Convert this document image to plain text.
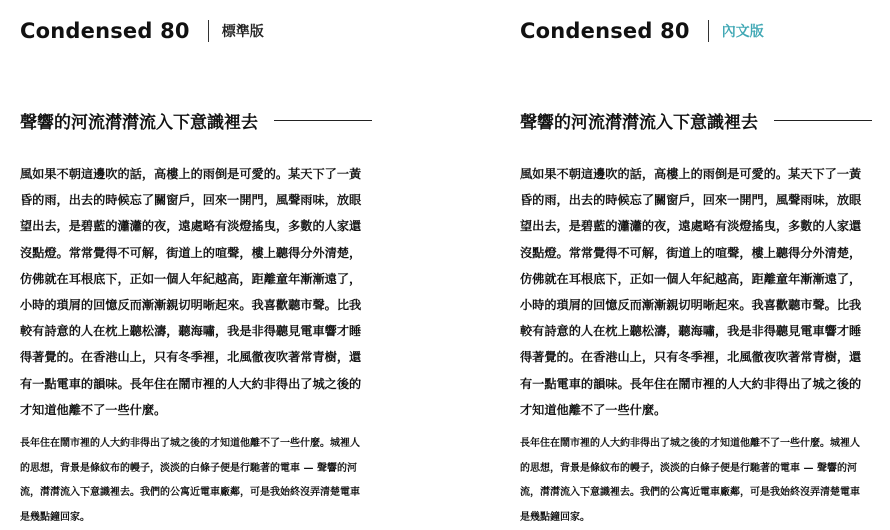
Condensed 80 標準版
聲響的河流潸潸流入下意識裡去

風如果不朝這邊吹的話，高樓上的雨倒是可愛的。某天下了一黃昏的雨，出去的時候忘了關窗戶，回來一開門，風聲雨味，放眼望出去，是碧藍的瀟瀟的夜，遠處略有淡燈搖曳，多數的人家還沒點燈。常常覺得不可解，街道上的喧聲，樓上聽得分外清楚，仿佛就在耳根底下，正如一個人年紀越高，距離童年漸漸遠了，小時的瑣屑的回憶反而漸漸親切明晰起來。我喜歡聽市聲。比我較有詩意的人在枕上聽松濤，聽海嘯，我是非得聽見電車響才睡得著覺的。在香港山上，只有冬季裡，北風徹夜吹著常青樹，還有一點電車的韻味。長年住在鬧市裡的人大約非得出了城之後的才知道他離不了一些什麼。

長年住在鬧市裡的人大約非得出了城之後的才知道他離不了一些什麼。城裡人的思想，背景是條紋布的幔子，淡淡的白條子便是行馳著的電車 — 聲響的河流，潸潸流入下意識裡去。我們的公寓近電車廠鄰，可是我始終沒弄清楚電車是幾點鐘回家。

Condensed 80 內文版
聲響的河流潸潸流入下意識裡去

風如果不朝這邊吹的話，高樓上的雨倒是可愛的。某天下了一黃昏的雨，出去的時候忘了關窗戶，回來一開門，風聲雨味，放眼望出去，是碧藍的瀟瀟的夜，遠處略有淡燈搖曳，多數的人家還沒點燈。常常覺得不可解，街道上的喧聲，樓上聽得分外清楚，仿佛就在耳根底下，正如一個人年紀越高，距離童年漸漸遠了，小時的瑣屑的回憶反而漸漸親切明晰起來。我喜歡聽市聲。比我較有詩意的人在枕上聽松濤，聽海嘯，我是非得聽見電車響才睡得著覺的。在香港山上，只有冬季裡，北風徹夜吹著常青樹，還有一點電車的韻味。長年住在鬧市裡的人大約非得出了城之後的才知道他離不了一些什麼。

長年住在鬧市裡的人大約非得出了城之後的才知道他離不了一些什麼。城裡人的思想，背景是條紋布的幔子，淡淡的白條子便是行馳著的電車 — 聲響的河流，潸潸流入下意識裡去。我們的公寓近電車廠鄰，可是我始終沒弄清楚電車是幾點鐘回家。
